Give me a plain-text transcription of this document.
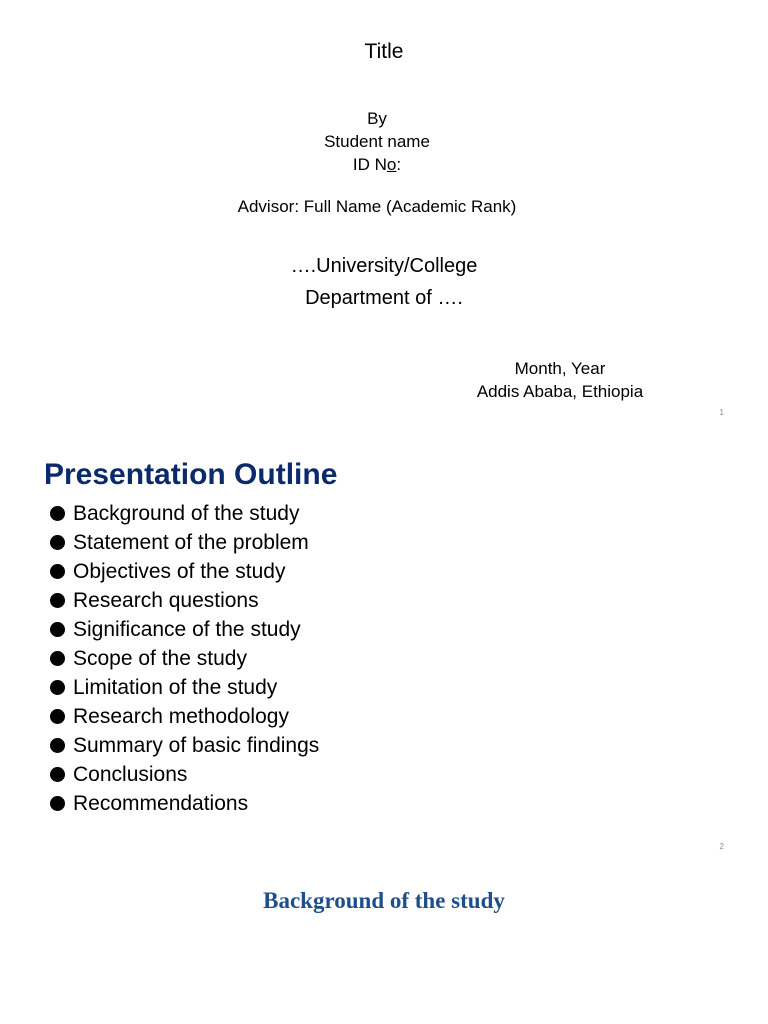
Title
By
Student name
ID No:
Advisor: Full Name (Academic Rank)
….University/College
Department of ….
Month, Year
Addis Ababa, Ethiopia
1
Presentation Outline
Background of the study
Statement of the problem
Objectives of the study
Research questions
Significance of the study
Scope of the study
Limitation of the study
Research methodology
Summary of basic findings
Conclusions
Recommendations
2
Background of the study
